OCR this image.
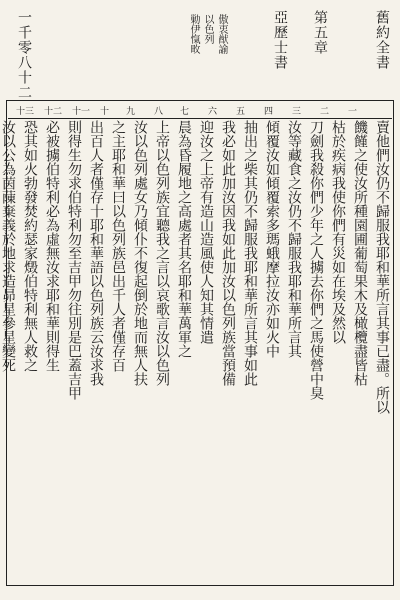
舊約全書
亞歷士書	第五章
一千零八十二	傲衷猷諭
以色列
勦伊愾畋
十三 十二 十一 十 九 八 七 六 五 四 三 二 一
賣他們汝仍不歸服我耶和華所言其事已盡。所以
饑饉之使汝所種園圃葡萄果木及橄欖盡皆枯
枯於疾病我使你們有災如在埃及然以
刀劍我殺你們少年之人擄去你們之馬使營中臭
汝等藏食之汝仍不歸服我耶和華所言其
傾覆汝如傾覆索多瑪蛾摩拉汝亦如火中
抽出之柴其仍不歸服我耶和華所言其事如此
我必如此加汝因我如此加汝以色列族當預備
迎汝之上帝有造山造風使人知其情遣
晨為昏履地之高處者其名耶和華萬軍之
上帝以色列族宜聽我之言以哀歌言汝以色列
汝以色列處女乃傾仆不復起倒於地而無人扶
之主耶和華曰以色列族邑出千人者僅存百
出百人者僅存十耶和華語以色列族云汝求我
則得生勿求伯特利勿至吉甲勿往別是巴蓋吉甲
必被擄伯特利必為虛無汝求耶和華則得生
恐其如火勃發焚約瑟家燬伯特利無人救之
汝以公為茵蔯棄義於地求造昴星參星變死
